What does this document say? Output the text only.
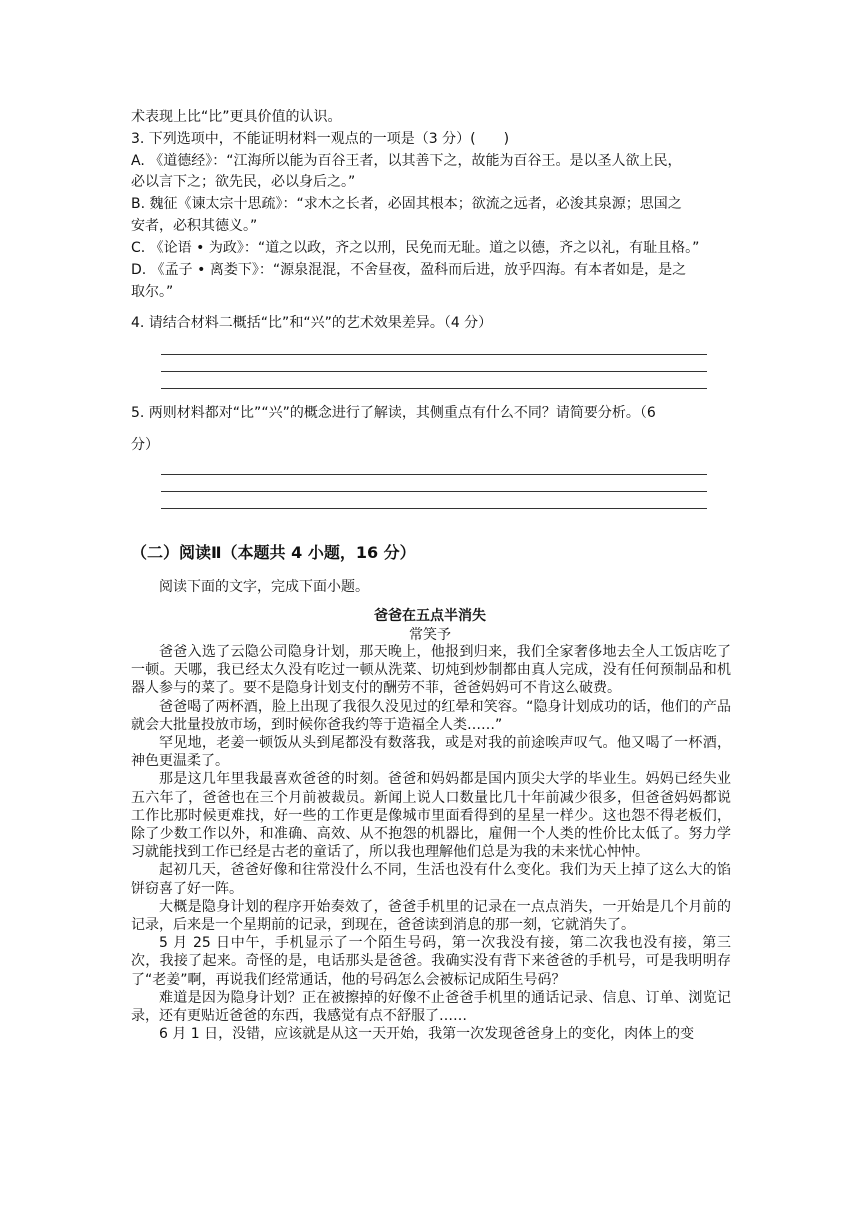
术表现上比“比”更具价值的认识。
3. 下列选项中，不能证明材料一观点的一项是（3 分）(　　)
A. 《道德经》：“江海所以能为百谷王者，以其善下之，故能为百谷王。是以圣人欲上民，
必以言下之；欲先民，必以身后之。”
B. 魏征《谏太宗十思疏》：“求木之长者，必固其根本；欲流之远者，必浚其泉源；思国之
安者，必积其德义。”
C. 《论语 • 为政》：“道之以政，齐之以刑，民免而无耻。道之以德，齐之以礼，有耻且格。”
D. 《孟子 • 离娄下》：“源泉混混，不舍昼夜，盈科而后进，放乎四海。有本者如是，是之
取尔。”
4. 请结合材料二概括“比”和“兴”的艺术效果差异。（4 分）
5. 两则材料都对“比”“兴”的概念进行了解读，其侧重点有什么不同？请简要分析。（6
分）
（二）阅读Ⅱ（本题共 4 小题，16 分）
阅读下面的文字，完成下面小题。
爸爸在五点半消失
常笑予

爸爸入选了云隐公司隐身计划，那天晚上，他报到归来，我们全家奢侈地去全人工饭店吃了一顿。天哪，我已经太久没有吃过一顿从洗菜、切炖到炒制都由真人完成，没有任何预制品和机器人参与的菜了。要不是隐身计划支付的酬劳不菲，爸爸妈妈可不肯这么破费。

爸爸喝了两杯酒，脸上出现了我很久没见过的红晕和笑容。“隐身计划成功的话，他们的产品就会大批量投放市场，到时候你爸我约等于造福全人类……”

罕见地，老姜一顿饭从头到尾都没有数落我，或是对我的前途唉声叹气。他又喝了一杯酒，神色更温柔了。

那是这几年里我最喜欢爸爸的时刻。爸爸和妈妈都是国内顶尖大学的毕业生。妈妈已经失业五六年了，爸爸也在三个月前被裁员。新闻上说人口数量比几十年前减少很多，但爸爸妈妈都说工作比那时候更难找，好一些的工作更是像城市里面看得到的星星一样少。这也怨不得老板们，除了少数工作以外，和准确、高效、从不抱怨的机器比，雇佣一个人类的性价比太低了。努力学习就能找到工作已经是古老的童话了，所以我也理解他们总是为我的未来忧心忡忡。

起初几天，爸爸好像和往常没什么不同，生活也没有什么变化。我们为天上掉了这么大的馅饼窃喜了好一阵。

大概是隐身计划的程序开始奏效了，爸爸手机里的记录在一点点消失，一开始是几个月前的记录，后来是一个星期前的记录，到现在，爸爸读到消息的那一刻，它就消失了。

5 月 25 日中午，手机显示了一个陌生号码，第一次我没有接，第二次我也没有接，第三次，我接了起来。奇怪的是，电话那头是爸爸。我确实没有背下来爸爸的手机号，可是我明明存了“老姜”啊，再说我们经常通话，他的号码怎么会被标记成陌生号码？

难道是因为隐身计划？正在被擦掉的好像不止爸爸手机里的通话记录、信息、订单、浏览记录，还有更贴近爸爸的东西，我感觉有点不舒服了……

6 月 1 日，没错，应该就是从这一天开始，我第一次发现爸爸身上的变化，肉体上的变
